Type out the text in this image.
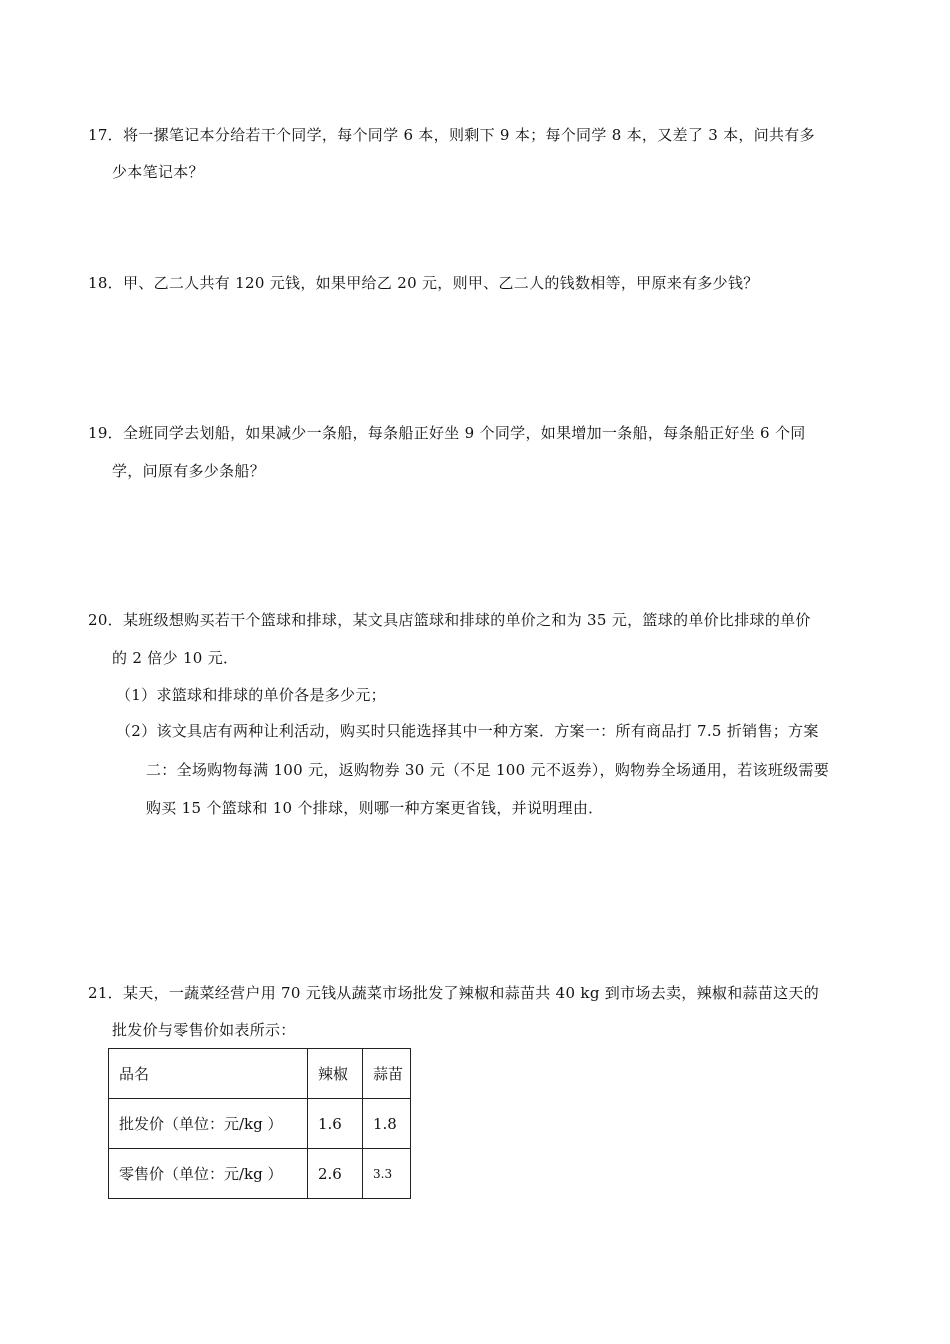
17．将一摞笔记本分给若干个同学，每个同学 6 本，则剩下 9 本；每个同学 8 本，又差了 3 本，问共有多
少本笔记本？
18．甲、乙二人共有 120 元钱，如果甲给乙 20 元，则甲、乙二人的钱数相等，甲原来有多少钱？
19．全班同学去划船，如果减少一条船，每条船正好坐 9 个同学，如果增加一条船，每条船正好坐 6 个同
学，问原有多少条船？
20．某班级想购买若干个篮球和排球，某文具店篮球和排球的单价之和为 35 元，篮球的单价比排球的单价
的 2 倍少 10 元．
（1）求篮球和排球的单价各是多少元；
（2）该文具店有两种让利活动，购买时只能选择其中一种方案．方案一：所有商品打 7.5 折销售；方案
二：全场购物每满 100 元，返购物券 30 元（不足 100 元不返券），购物券全场通用，若该班级需要
购买 15 个篮球和 10 个排球，则哪一种方案更省钱，并说明理由．
21．某天，一蔬菜经营户用 70 元钱从蔬菜市场批发了辣椒和蒜苗共 40 kg 到市场去卖，辣椒和蒜苗这天的
批发价与零售价如表所示：
品名	辣椒	蒜苗
批发价（单位：元/kg ）	1.6	1.8
零售价（单位：元/kg ）	2.6	3.3
